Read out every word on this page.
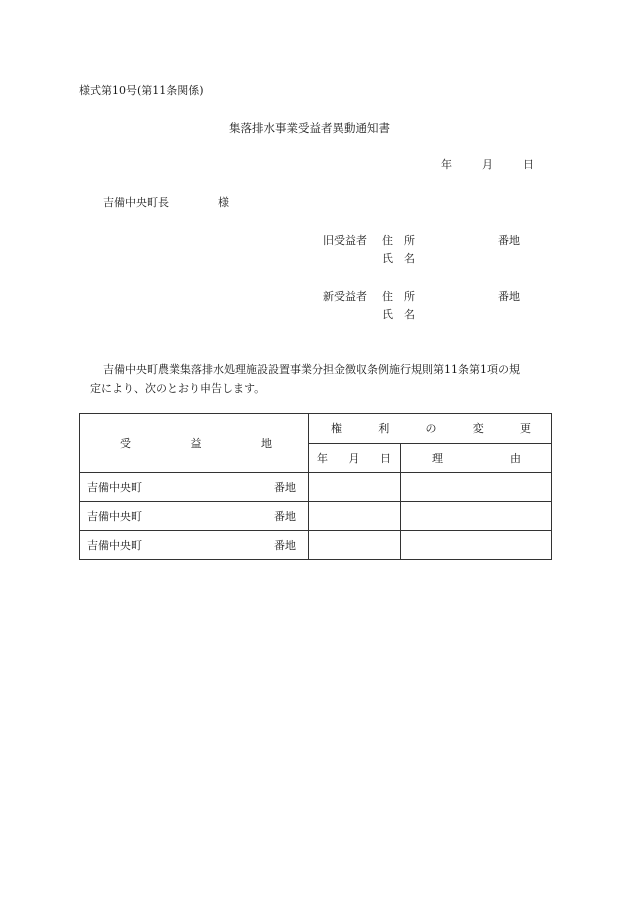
様式第10号(第11条関係)
集落排水事業受益者異動通知書
年	月	日
吉備中央町長	様
旧受益者 住　所	番地
氏　名
新受益者 住　所	番地
氏　名
吉備中央町農業集落排水処理施設設置事業分担金徴収条例施行規則第11条第1項の規
定により、次のとおり申告します。
受 益 地	権 利 の 変 更	

	年 月 日	理 由

吉備中央町 番地		

吉備中央町 番地		

吉備中央町 番地		
